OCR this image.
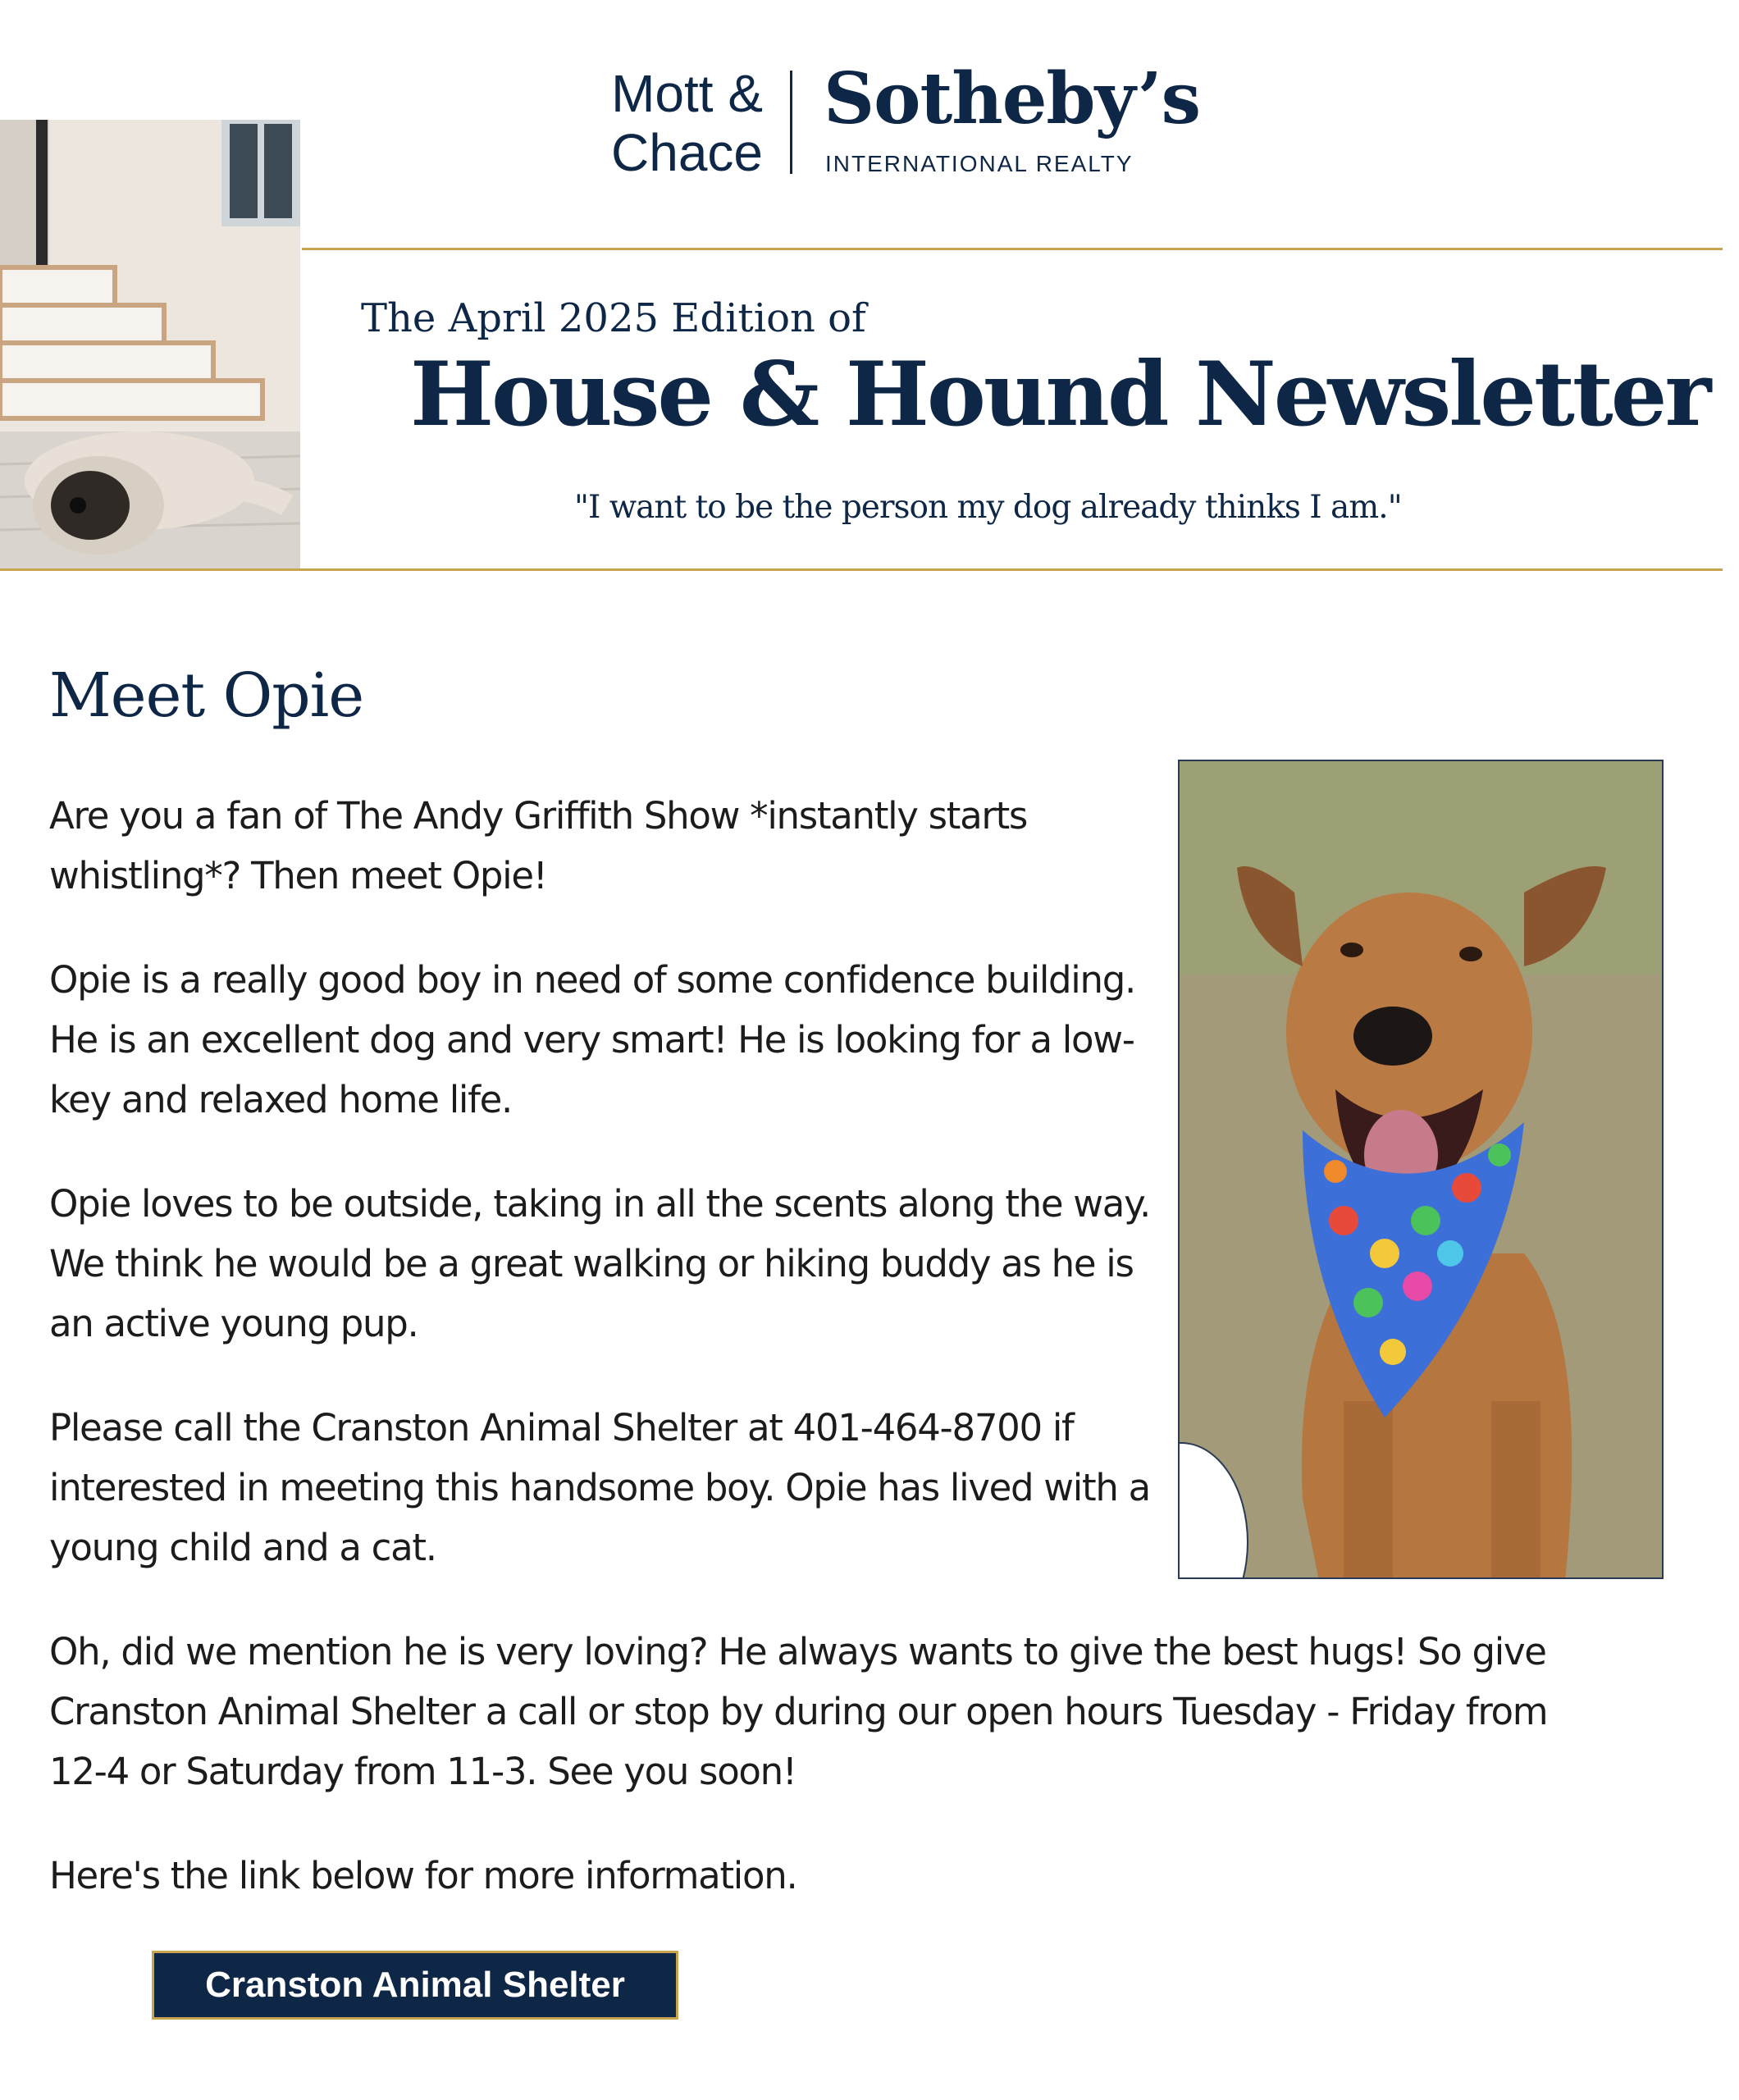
Mott &
Chace
Sotheby’s
INTERNATIONAL REALTY
The April 2025 Edition of
House & Hound Newsletter
"I want to be the person my dog already thinks I am."
Meet Opie

Are you a fan of The Andy Griffith Show *instantly starts whistling*? Then meet Opie!

Opie is a really good boy in need of some confidence building. He is an excellent dog and very smart! He is looking for a low-key and relaxed home life.

Opie loves to be outside, taking in all the scents along the way. We think he would be a great walking or hiking buddy as he is an active young pup.

Please call the Cranston Animal Shelter at 401-464-8700 if interested in meeting this handsome boy. Opie has lived with a young child and a cat.

Oh, did we mention he is very loving? He always wants to give the best hugs! So give Cranston Animal Shelter a call or stop by during our open hours Tuesday - Friday from 12-4 or Saturday from 11-3. See you soon!

Here's the link below for more information.

Cranston Animal Shelter
